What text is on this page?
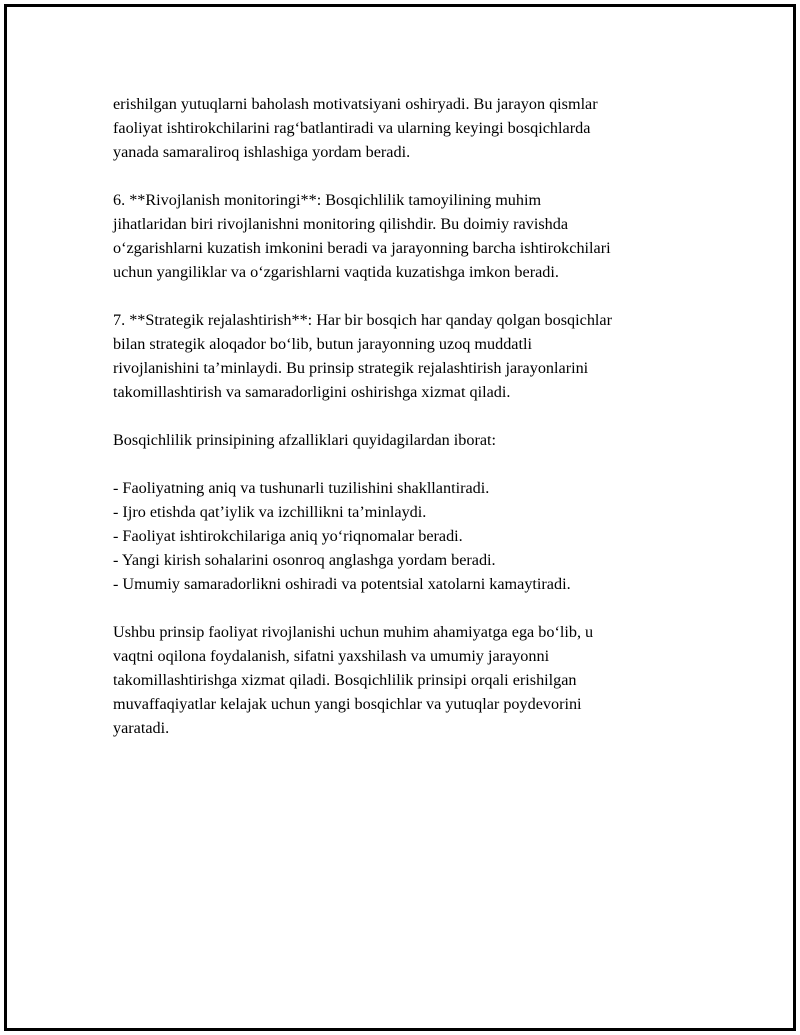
erishilgan yutuqlarni baholash motivatsiyani oshiryadi. Bu jarayon qismlar
faoliyat ishtirokchilarini rag‘batlantiradi va ularning keyingi bosqichlarda
yanada samaraliroq ishlashiga yordam beradi.

6. **Rivojlanish monitoringi**: Bosqichlilik tamoyilining muhim
jihatlaridan biri rivojlanishni monitoring qilishdir. Bu doimiy ravishda
o‘zgarishlarni kuzatish imkonini beradi va jarayonning barcha ishtirokchilari
uchun yangiliklar va o‘zgarishlarni vaqtida kuzatishga imkon beradi.

7. **Strategik rejalashtirish**: Har bir bosqich har qanday qolgan bosqichlar
bilan strategik aloqador bo‘lib, butun jarayonning uzoq muddatli
rivojlanishini ta’minlaydi. Bu prinsip strategik rejalashtirish jarayonlarini
takomillashtirish va samaradorligini oshirishga xizmat qiladi.

Bosqichlilik prinsipining afzalliklari quyidagilardan iborat:

- Faoliyatning aniq va tushunarli tuzilishini shakllantiradi.
- Ijro etishda qat’iylik va izchillikni ta’minlaydi.
- Faoliyat ishtirokchilariga aniq yo‘riqnomalar beradi.
- Yangi kirish sohalarini osonroq anglashga yordam beradi.
- Umumiy samaradorlikni oshiradi va potentsial xatolarni kamaytiradi.

Ushbu prinsip faoliyat rivojlanishi uchun muhim ahamiyatga ega bo‘lib, u
vaqtni oqilona foydalanish, sifatni yaxshilash va umumiy jarayonni
takomillashtirishga xizmat qiladi. Bosqichlilik prinsipi orqali erishilgan
muvaffaqiyatlar kelajak uchun yangi bosqichlar va yutuqlar poydevorini
yaratadi.
